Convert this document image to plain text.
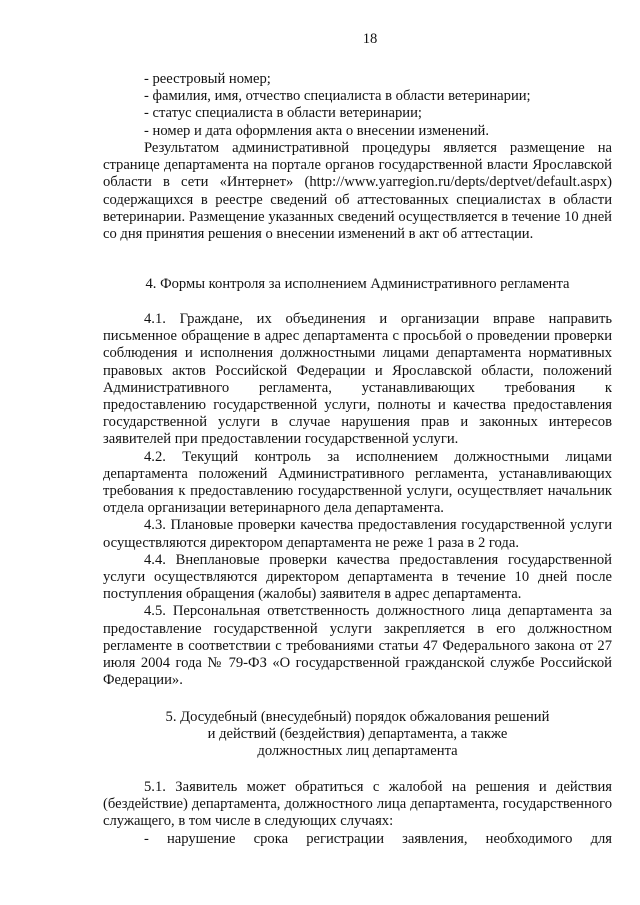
18

- реестровый номер;

- фамилия, имя, отчество специалиста в области ветеринарии;

- статус специалиста в области ветеринарии;

- номер и дата оформления акта о внесении изменений.

Результатом административной процедуры является размещение на странице департамента на портале органов государственной власти Ярославской области в сети «Интернет» (http://www.yarregion.ru/depts/deptvet/default.aspx) содержащихся в реестре сведений об аттестованных специалистах в области ветеринарии. Размещение указанных сведений осуществляется в течение 10 дней со дня принятия решения о внесении изменений в акт об аттестации.

4. Формы контроля за исполнением Административного регламента

4.1. Граждане, их объединения и организации вправе направить письменное обращение в адрес департамента с просьбой о проведении проверки соблюдения и исполнения должностными лицами департамента нормативных правовых актов Российской Федерации и Ярославской области, положений Административного регламента, устанавливающих требования к предоставлению государственной услуги, полноты и качества предоставления государственной услуги в случае нарушения прав и законных интересов заявителей при предоставлении государственной услуги.

4.2. Текущий контроль за исполнением должностными лицами департамента положений Административного регламента, устанавливающих требования к предоставлению государственной услуги, осуществляет начальник отдела организации ветеринарного дела департамента.

4.3. Плановые проверки качества предоставления государственной услуги осуществляются директором департамента не реже 1 раза в 2 года.

4.4. Внеплановые проверки качества предоставления государственной услуги осуществляются директором департамента в течение 10 дней после поступления обращения (жалобы) заявителя в адрес департамента.

4.5. Персональная ответственность должностного лица департамента за предоставление государственной услуги закрепляется в его должностном регламенте в соответствии с требованиями статьи 47 Федерального закона от 27 июля 2004 года № 79-ФЗ «О государственной гражданской службе Российской Федерации».

5. Досудебный (внесудебный) порядок обжалования решений
и действий (бездействия) департамента, а также
должностных лиц департамента

5.1. Заявитель может обратиться с жалобой на решения и действия (бездействие) департамента, должностного лица департамента, государственного служащего, в том числе в следующих случаях:

- нарушение срока регистрации заявления, необходимого для
